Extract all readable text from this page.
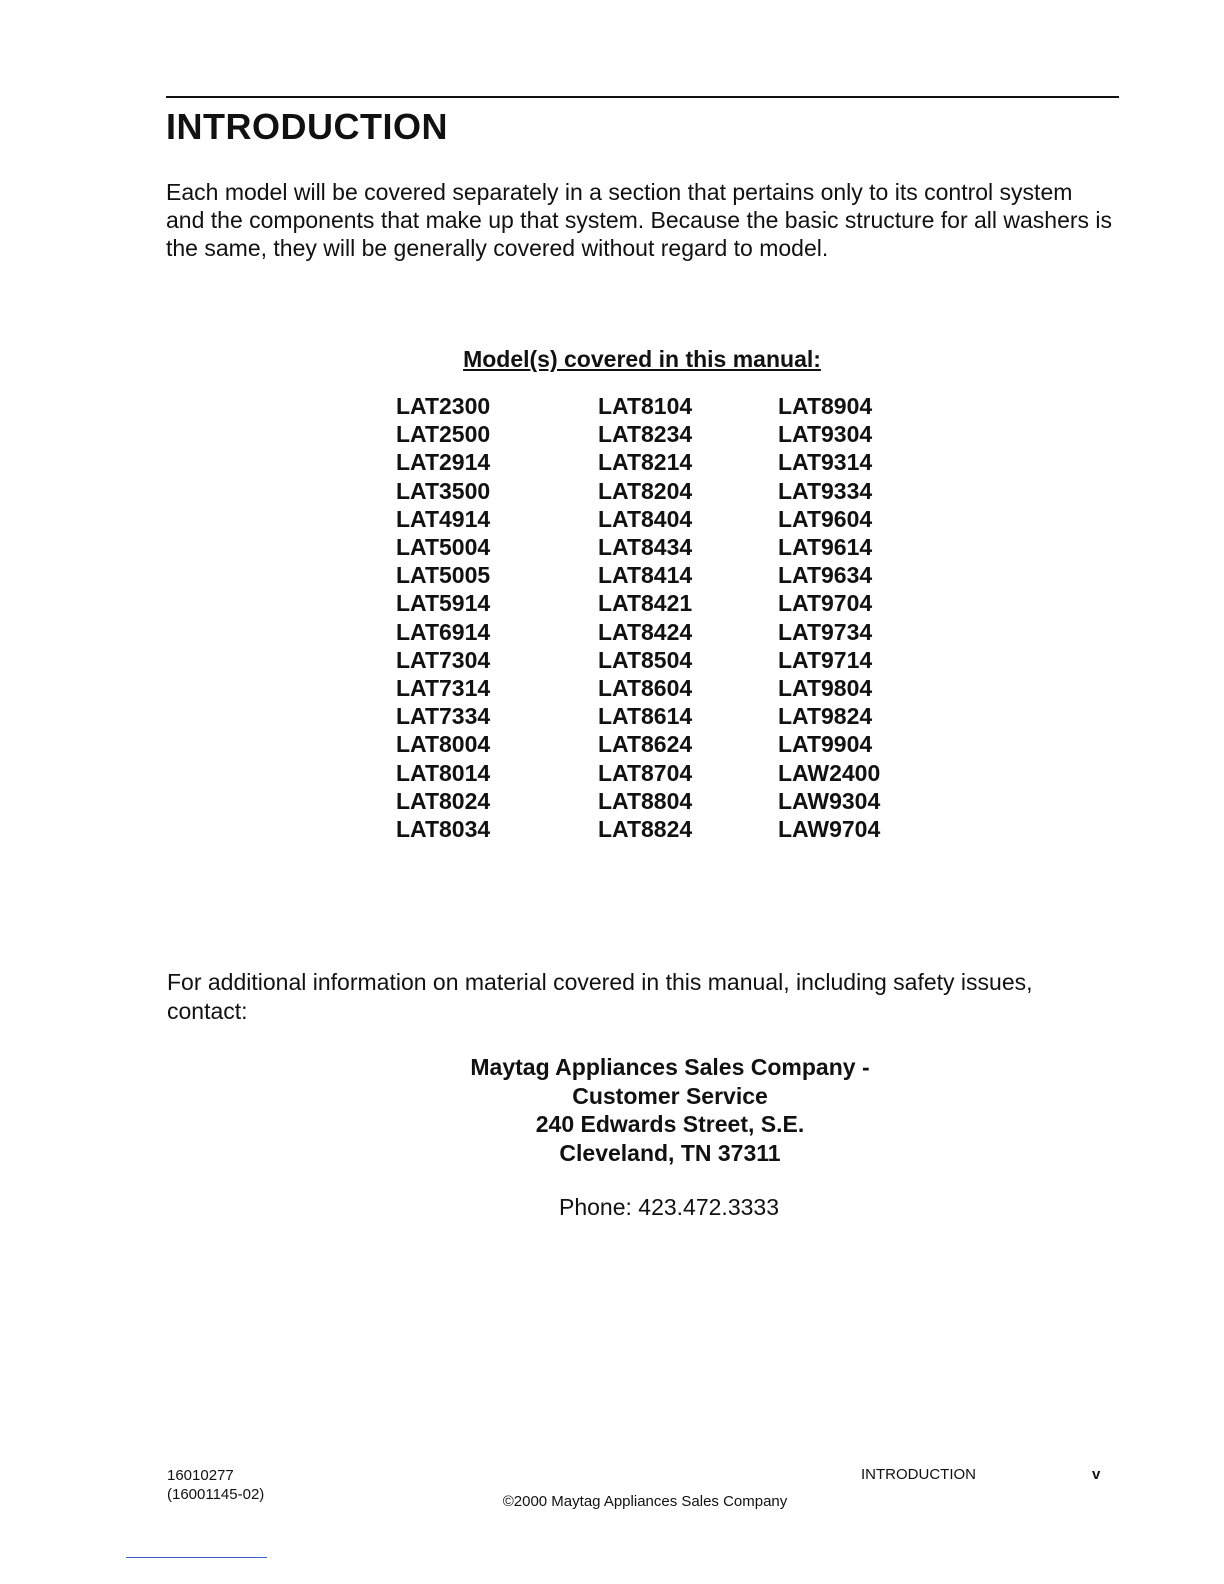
INTRODUCTION

Each model will be covered separately in a section that pertains only to its control system and the components that make up that system. Because the basic structure for all washers is the same, they will be generally covered without regard to model.

Model(s) covered in this manual:
LAT2300
LAT2500
LAT2914
LAT3500
LAT4914
LAT5004
LAT5005
LAT5914
LAT6914
LAT7304
LAT7314
LAT7334
LAT8004
LAT8014
LAT8024
LAT8034
LAT8104
LAT8234
LAT8214
LAT8204
LAT8404
LAT8434
LAT8414
LAT8421
LAT8424
LAT8504
LAT8604
LAT8614
LAT8624
LAT8704
LAT8804
LAT8824
LAT8904
LAT9304
LAT9314
LAT9334
LAT9604
LAT9614
LAT9634
LAT9704
LAT9734
LAT9714
LAT9804
LAT9824
LAT9904
LAW2400
LAW9304
LAW9704

For additional information on material covered in this manual, including safety issues, contact:

Maytag Appliances Sales Company -
Customer Service
240 Edwards Street, S.E.
Cleveland, TN 37311
Phone: 423.472.3333
16010277
(16001145-02)	©2000 Maytag Appliances Sales Company
INTRODUCTION	v
